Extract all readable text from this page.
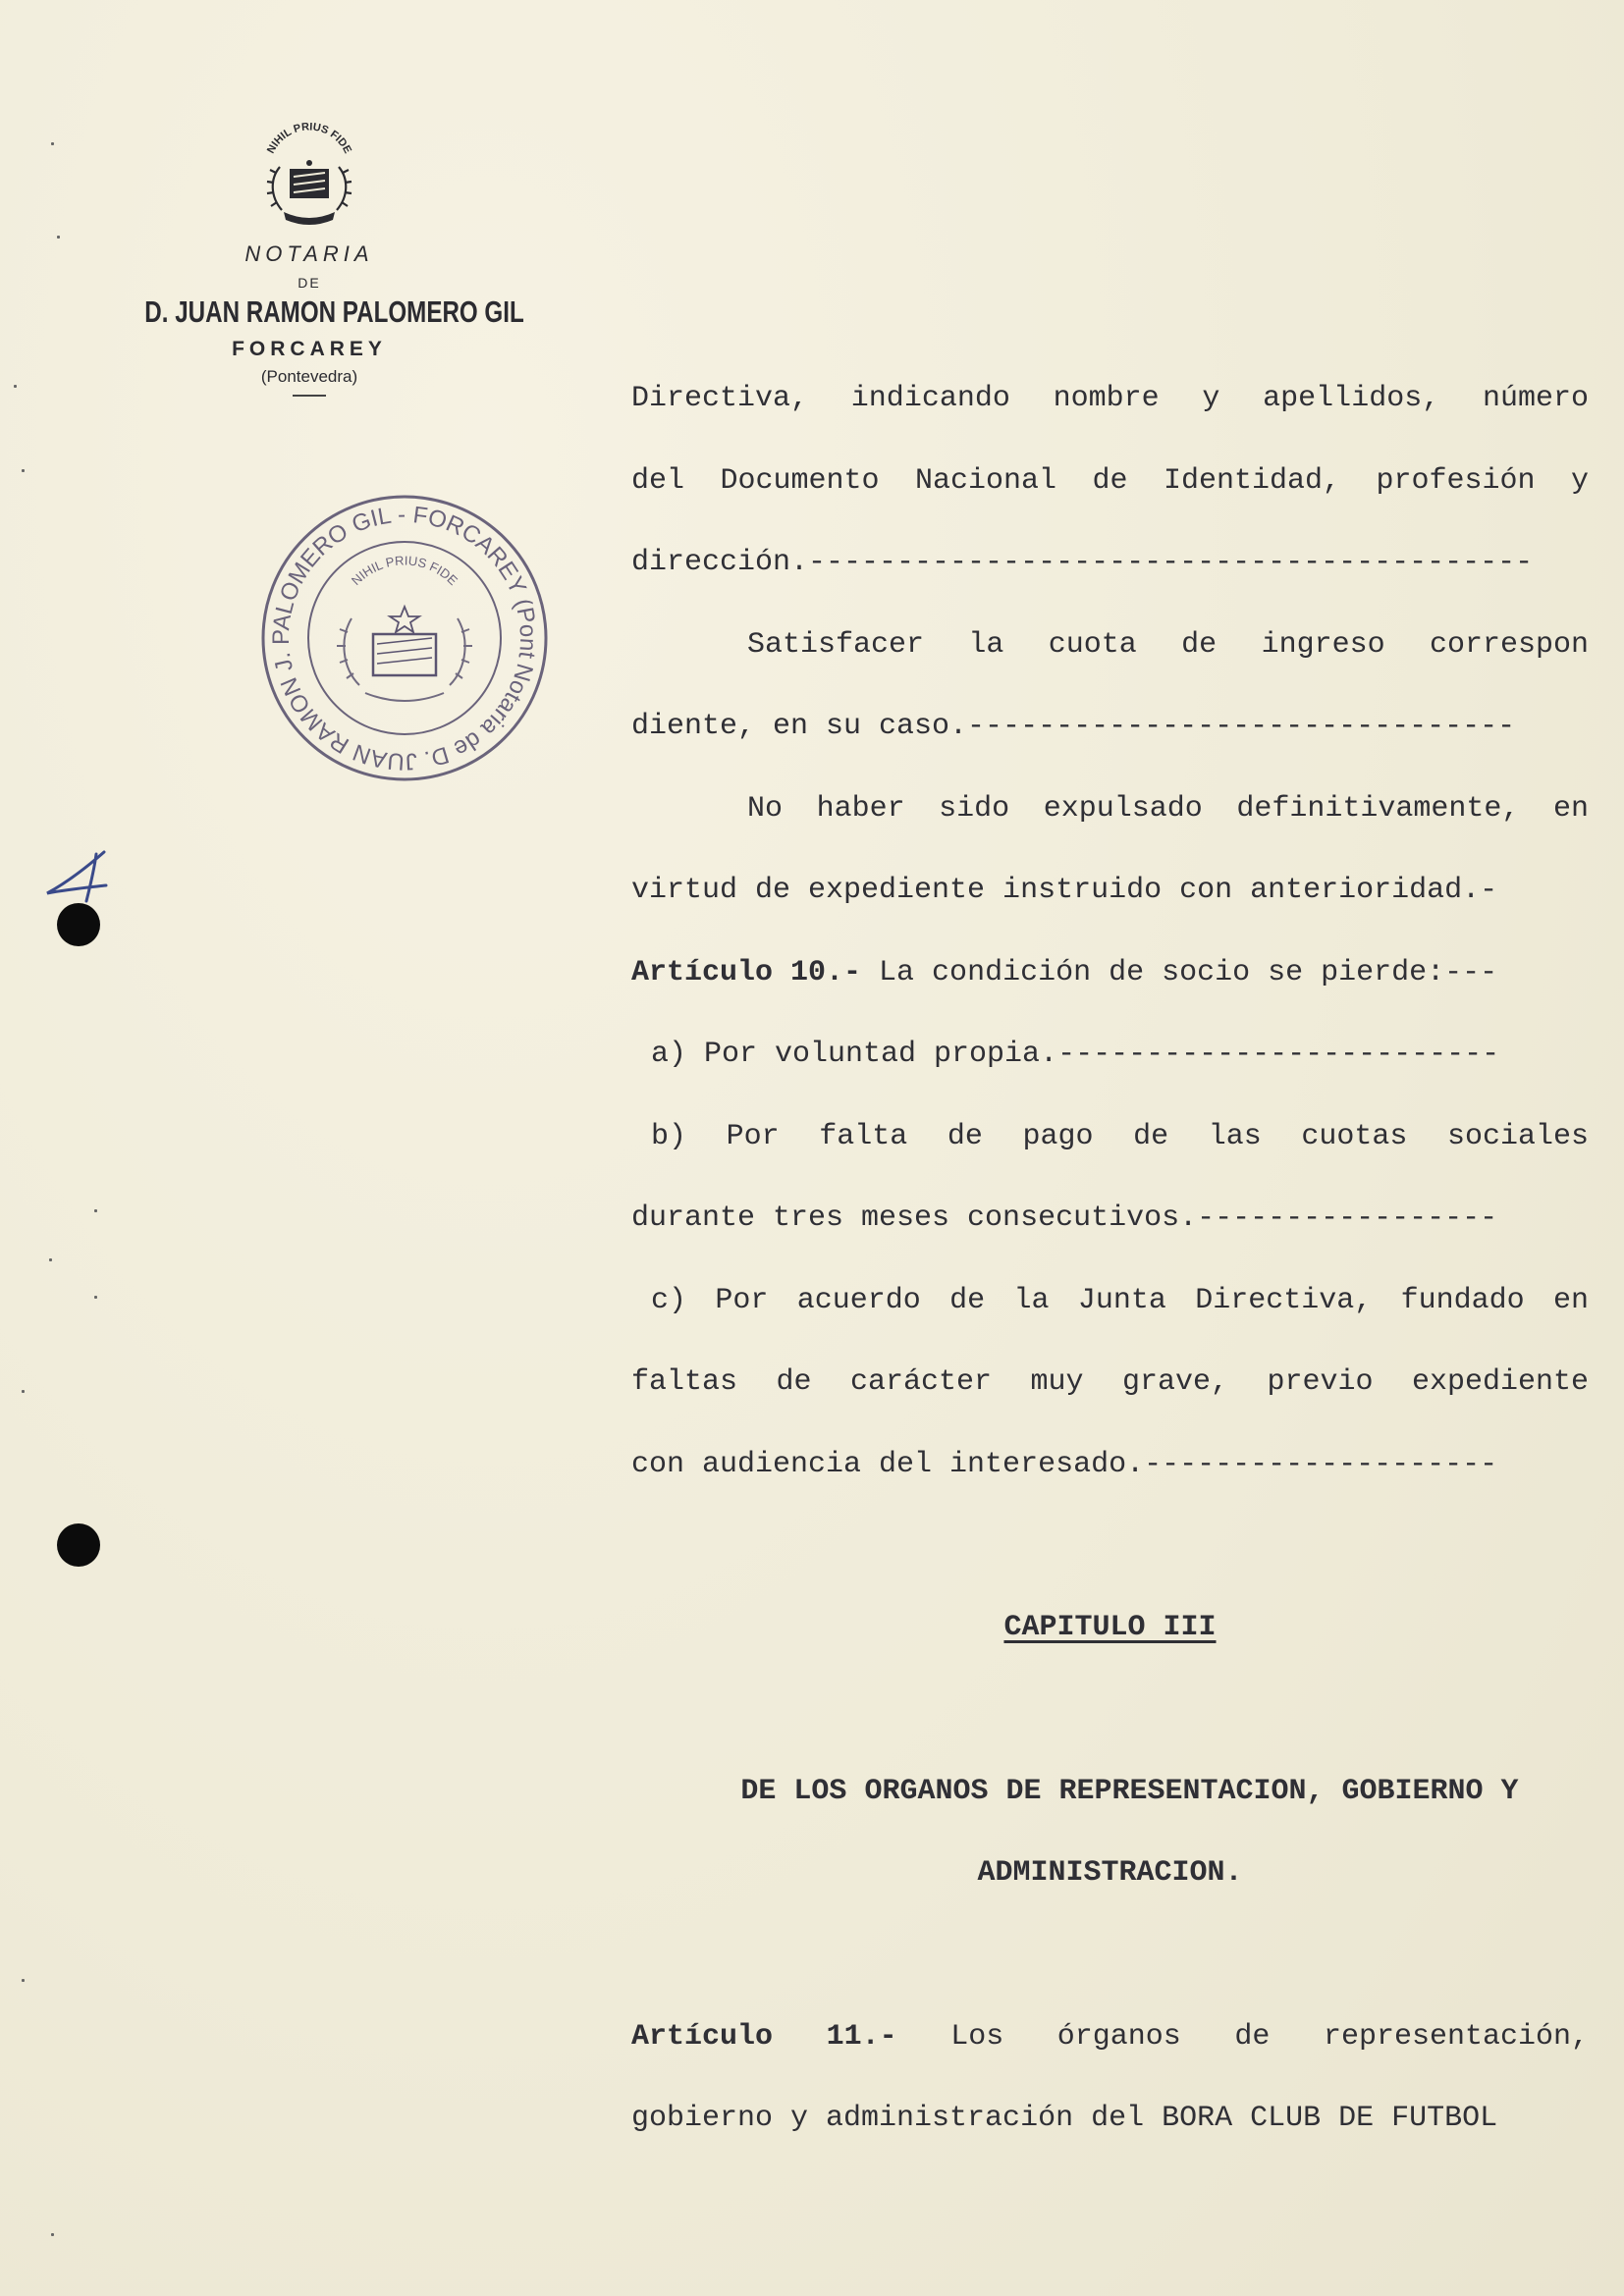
NIHIL PRIUS FIDE
NOTARIA
DE
D. JUAN RAMON PALOMERO GIL
FORCAREY
(Pontevedra)
Notaria de D. JUAN RAMON J. PALOMERO GIL - FORCAREY (Pontevedra)
NIHIL PRIUS FIDE
Directiva, indicando nombre y apellidos, número
del Documento Nacional de Identidad, profesión y
dirección.-----------------------------------------
Satisfacer la cuota de ingreso correspon
diente, en su caso.-------------------------------
No haber sido expulsado definitivamente, en
virtud de expediente instruido con anterioridad.-
Artículo 10.- La condición de socio se pierde:---
a) Por voluntad propia.-------------------------
b) Por falta de pago de las cuotas sociales
durante tres meses consecutivos.-----------------
c) Por acuerdo de la Junta Directiva, fundado en
faltas de carácter muy grave, previo expediente
con audiencia del interesado.--------------------
CAPITULO III
DE LOS ORGANOS DE REPRESENTACION, GOBIERNO Y
ADMINISTRACION.
Artículo 11.- Los órganos de representación,
gobierno y administración del BORA CLUB DE FUTBOL
